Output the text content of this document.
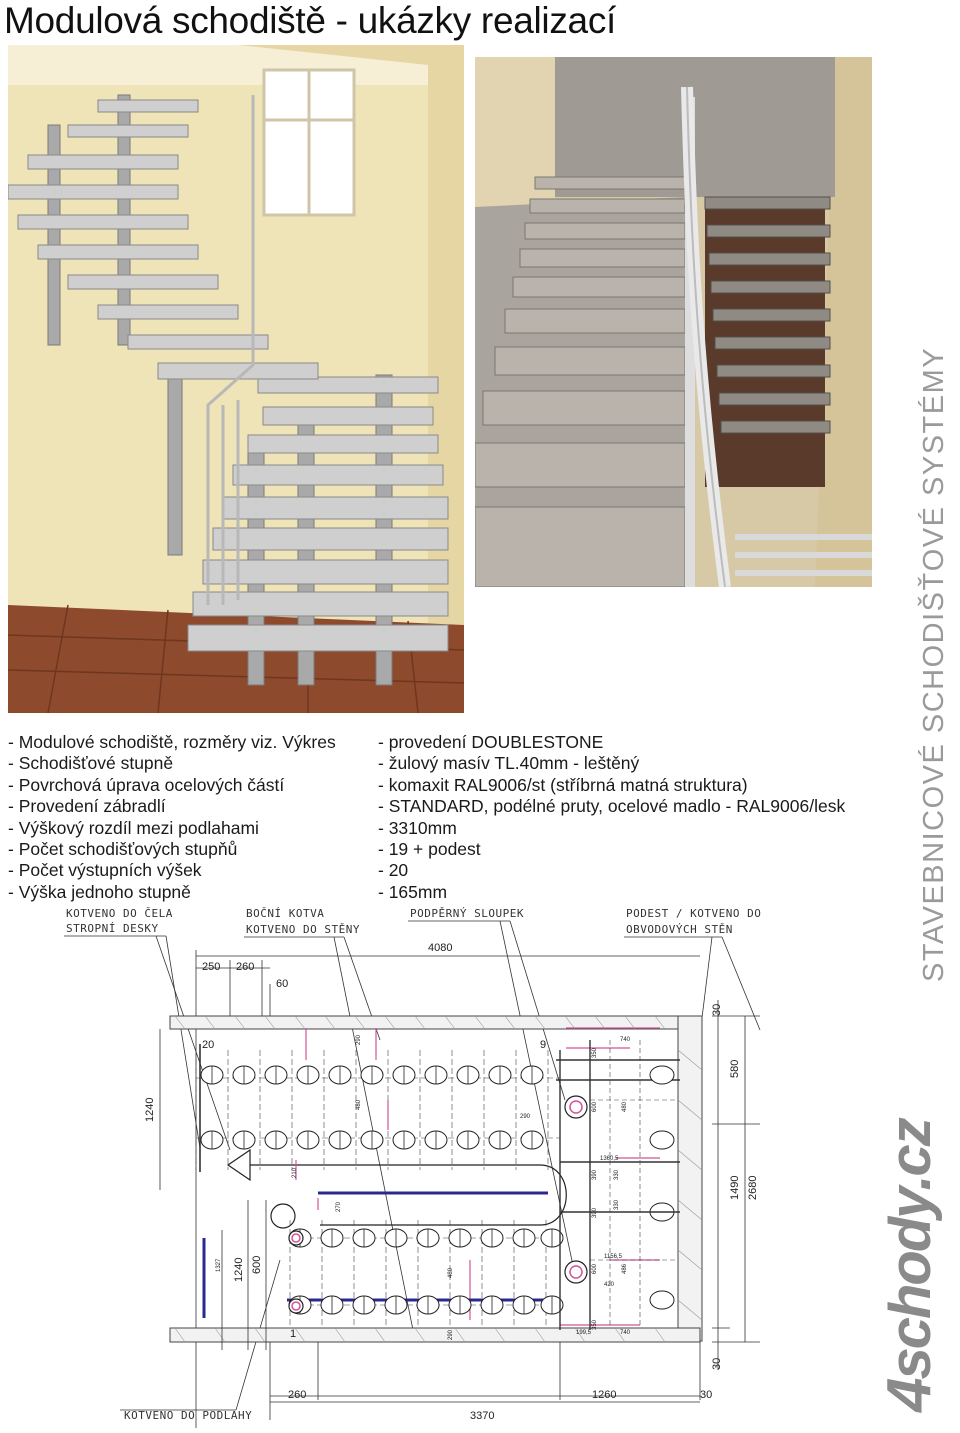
Modulová schodiště - ukázky realizací
- Modulové schodiště, rozměry viz. Výkres - provedení DOUBLESTONE
- Schodišťové stupně	- žulový masív TL.40mm - leštěný
- Povrchová úprava ocelových částí	- komaxit RAL9006/st (stříbrná matná struktura)
- Provedení zábradlí	- STANDARD, podélné pruty, ocelové madlo - RAL9006/lesk
- Výškový rozdíl mezi podlahami	- 3310mm
- Počet schodišťových stupňů	- 19 + podest
- Počet výstupních výšek	- 20
- Výška jednoho stupně	- 165mm	STAVEBNICOVÉ SCHODIŠŤOVÉ SYSTÉMY
4schody.cz
KOTVENO DO ČELA
STROPNÍ DESKY
BOČNÍ KOTVA
KOTVENO DO STĚNY
PODPĚRNÝ SLOUPEK	PODEST / KOTVENO DO
OBVODOVÝCH STĚN
KOTVENO DO PODLAHY
4080
250 260
60
30
580
1490 2680
30
1240
1240 600
1327
20	9
1
290
480
210
270
480
290
740
350
600	480
290
1360,5
390	330
390
330
1156,5
600	486
420
350
199,5	740
260	1260	30
3370
